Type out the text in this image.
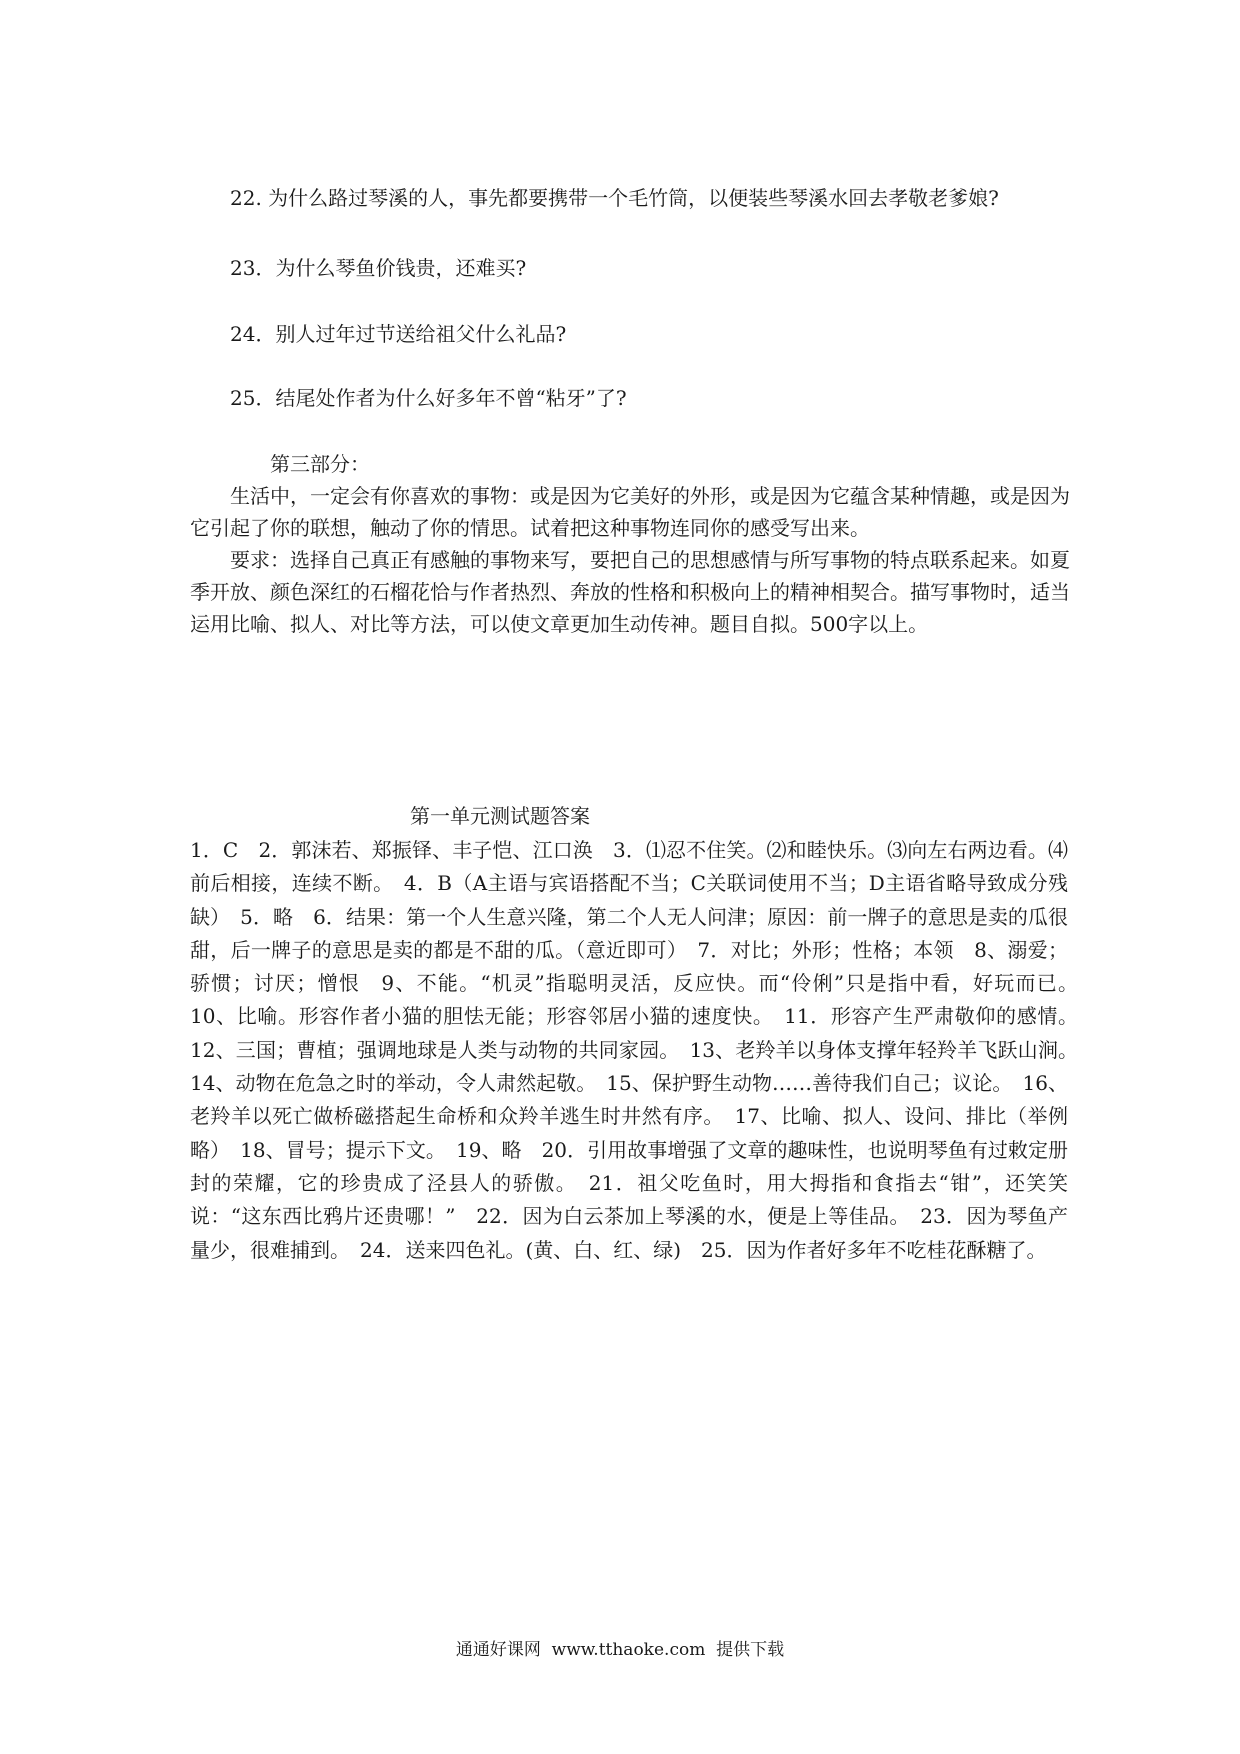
22. 为什么路过琴溪的人，事先都要携带一个毛竹筒，以便装些琴溪水回去孝敬老爹娘?
23．为什么琴鱼价钱贵，还难买?
24．别人过年过节送给祖父什么礼品?
25．结尾处作者为什么好多年不曾“粘牙”了?

第三部分：

生活中，一定会有你喜欢的事物：或是因为它美好的外形，或是因为它蕴含某种情趣，或是因为它引起了你的联想，触动了你的情思。试着把这种事物连同你的感受写出来。

要求：选择自己真正有感触的事物来写，要把自己的思想感情与所写事物的特点联系起来。如夏季开放、颜色深红的石榴花恰与作者热烈、奔放的性格和积极向上的精神相契合。描写事物时，适当运用比喻、拟人、对比等方法，可以使文章更加生动传神。题目自拟。500字以上。

第一单元测试题答案

1．C　2．郭沫若、郑振铎、丰子恺、江口涣　3．⑴忍不住笑。⑵和睦快乐。⑶向左右两边看。⑷前后相接，连续不断。　4．B（A主语与宾语搭配不当；C关联词使用不当；D主语省略导致成分残缺）　5．略　6．结果：第一个人生意兴隆，第二个人无人问津；原因：前一牌子的意思是卖的瓜很甜，后一牌子的意思是卖的都是不甜的瓜。（意近即可）　7．对比；外形；性格；本领　8、溺爱；骄惯；讨厌；憎恨　9、不能。“机灵”指聪明灵活，反应快。而“伶俐”只是指中看，好玩而已。　10、比喻。形容作者小猫的胆怯无能；形容邻居小猫的速度快。　11．形容产生严肃敬仰的感情。　12、三国；曹植；强调地球是人类与动物的共同家园。　13、老羚羊以身体支撑年轻羚羊飞跃山涧。　14、动物在危急之时的举动，令人肃然起敬。　15、保护野生动物……善待我们自己；议论。　16、老羚羊以死亡做桥磁搭起生命桥和众羚羊逃生时井然有序。　17、比喻、拟人、设问、排比（举例略）　18、冒号；提示下文。　19、略　20．引用故事增强了文章的趣味性，也说明琴鱼有过敕定册封的荣耀，它的珍贵成了泾县人的骄傲。　21．祖父吃鱼时，用大拇指和食指去“钳”，还笑笑说：“这东西比鸦片还贵哪！”　22．因为白云茶加上琴溪的水，便是上等佳品。　23．因为琴鱼产量少，很难捕到。　24．送来四色礼。(黄、白、红、绿)　25．因为作者好多年不吃桂花酥糖了。

通通好课网 www.tthaoke.com 提供下载
